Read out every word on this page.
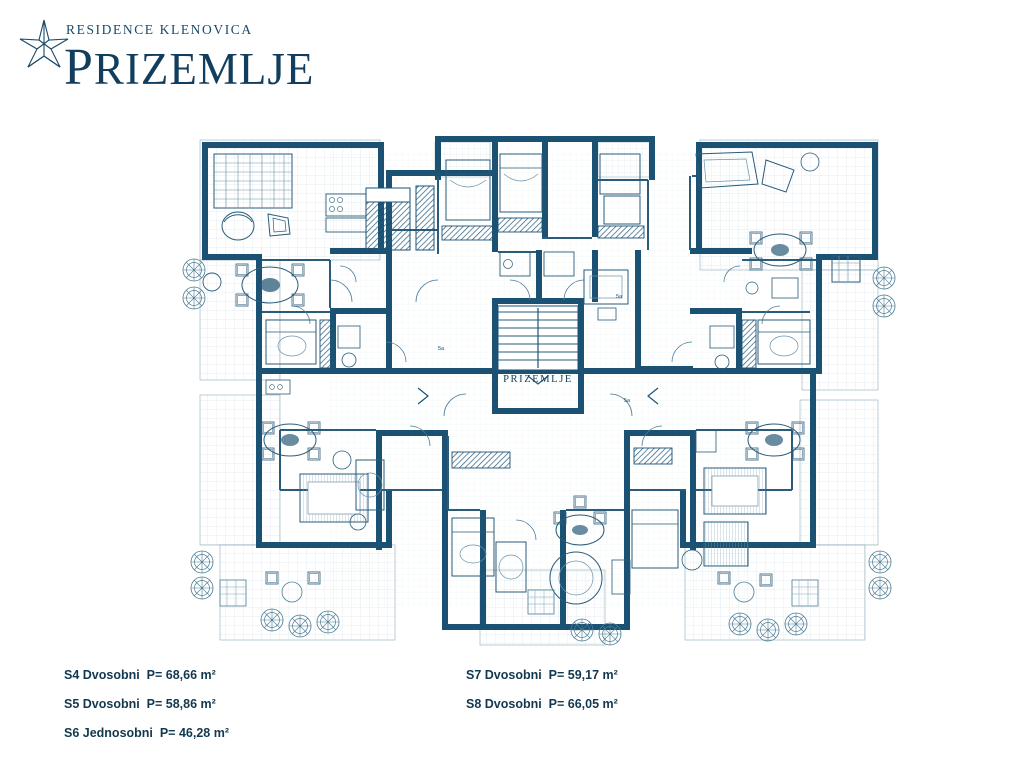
RESIDENCE KLENOVICA
PRIZEMLJE
PRIZEMLJE
5a
5a
5a
5a
S4 Dvosobni  P= 68,66 m²
S5 Dvosobni  P= 58,86 m²
S6 Jednosobni  P= 46,28 m²
S7 Dvosobni  P= 59,17 m²
S8 Dvosobni  P= 66,05 m²
